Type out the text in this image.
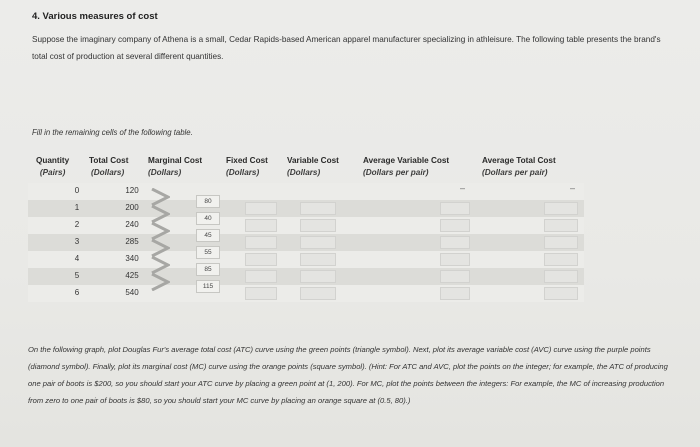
4. Various measures of cost
Suppose the imaginary company of Athena is a small, Cedar Rapids-based American apparel manufacturer specializing in athleisure. The following table presents the brand's total cost of production at several different quantities.
Fill in the remaining cells of the following table.
Quantity
(Pairs)
Total Cost
(Dollars)
Marginal Cost
(Dollars)
Fixed Cost
(Dollars)
Variable Cost
(Dollars)
Average Variable Cost
(Dollars per pair)
Average Total Cost
(Dollars per pair)
0
1
2
3
4
5
6
120
200
240
285
340
425
540
80
40
45
55
85
115
–	–
On the following graph, plot Douglas Fur's average total cost (ATC) curve using the green points (triangle symbol). Next, plot its average variable cost (AVC) curve using the purple points (diamond symbol). Finally, plot its marginal cost (MC) curve using the orange points (square symbol). (Hint: For ATC and AVC, plot the points on the integer; for example, the ATC of producing one pair of boots is $200, so you should start your ATC curve by placing a green point at (1, 200). For MC, plot the points between the integers: For example, the MC of increasing production from zero to one pair of boots is $80, so you should start your MC curve by placing an orange square at (0.5, 80).)
